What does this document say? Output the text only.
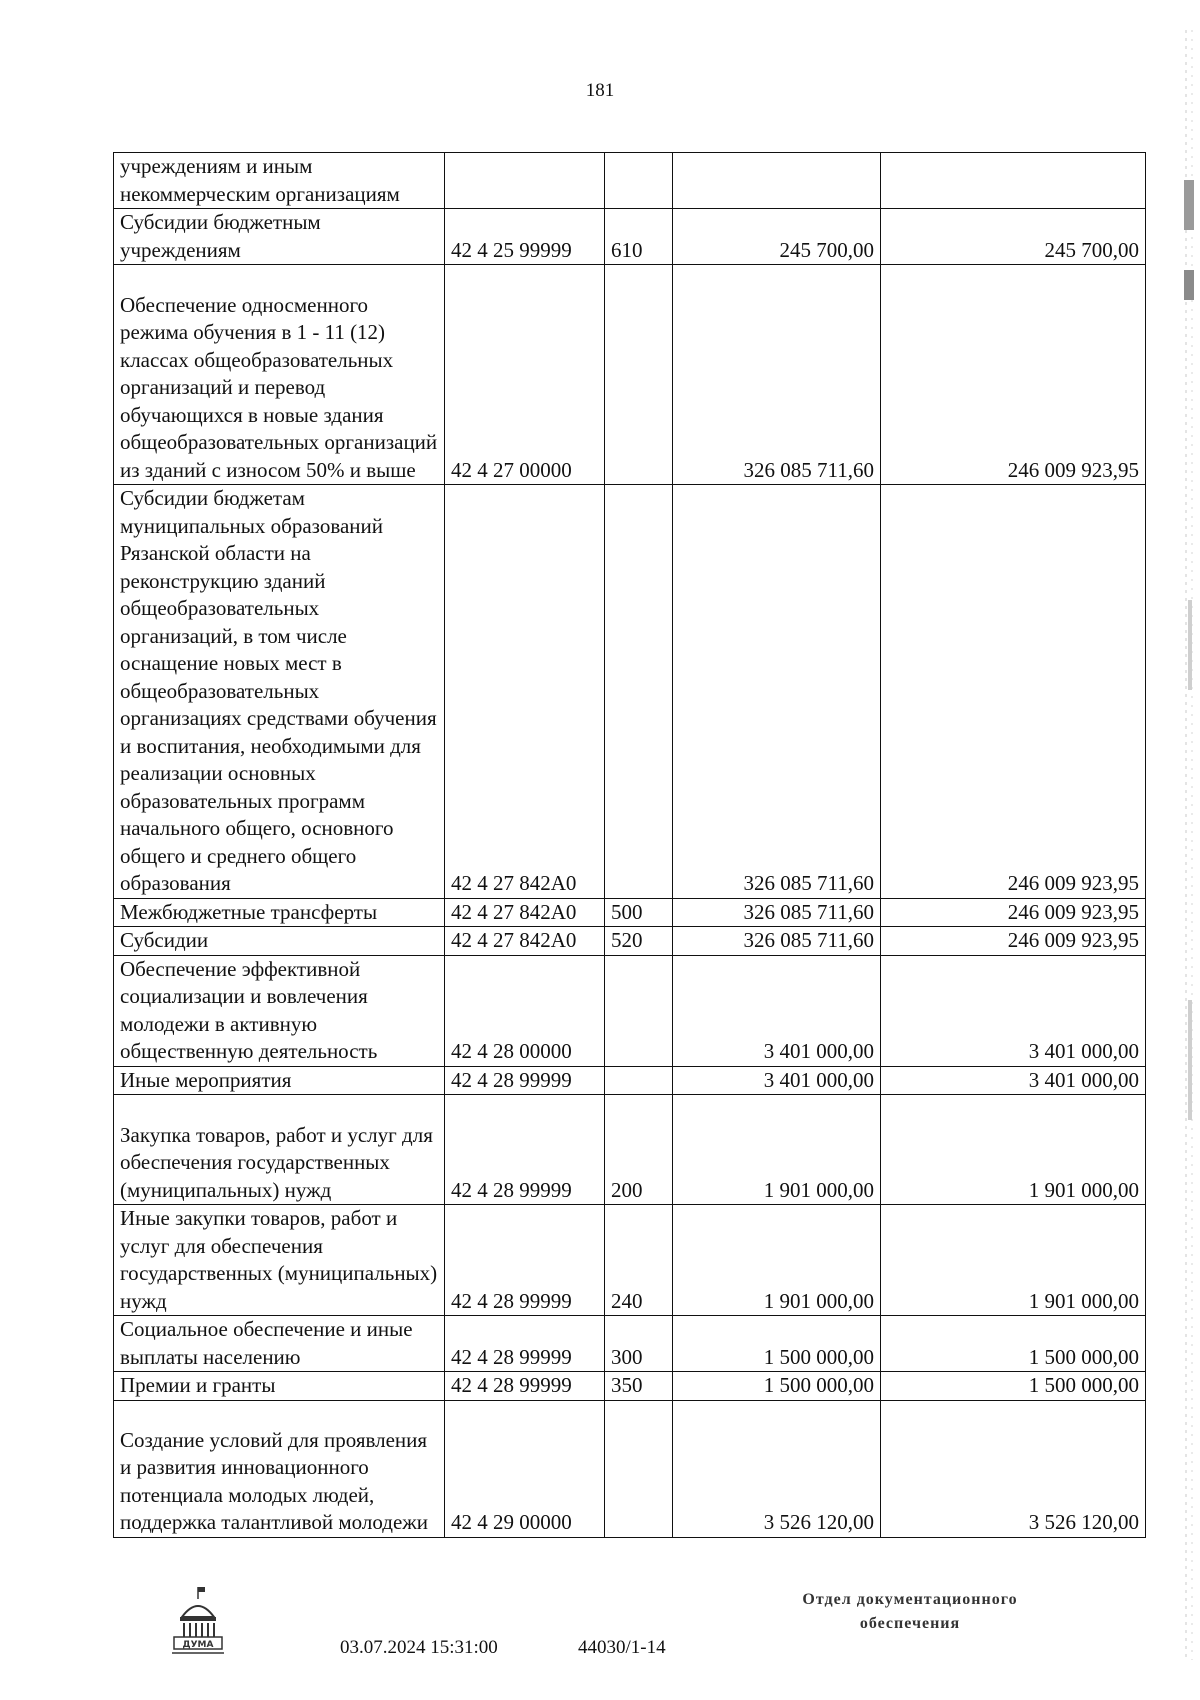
181
учреждениям и иным некоммерческим организациям				
Субсидии бюджетным учреждениям	42 4 25 99999	610	245 700,00	245 700,00
Обеспечение односменного режима обучения в 1 - 11 (12) классах общеобразовательных организаций и перевод обучающихся в новые здания общеобразовательных организаций из зданий с износом 50% и выше	42 4 27 00000		326 085 711,60	246 009 923,95
Субсидии бюджетам муниципальных образований Рязанской области на реконструкцию зданий общеобразовательных организаций, в том числе оснащение новых мест в общеобразовательных организациях средствами обучения и воспитания, необходимыми для реализации основных образовательных программ начального общего, основного общего и среднего общего образования	42 4 27 842А0		326 085 711,60	246 009 923,95
Межбюджетные трансферты	42 4 27 842А0	500	326 085 711,60	246 009 923,95
Субсидии	42 4 27 842А0	520	326 085 711,60	246 009 923,95
Обеспечение эффективной социализации и вовлечения молодежи в активную общественную деятельность	42 4 28 00000		3 401 000,00	3 401 000,00
Иные мероприятия	42 4 28 99999		3 401 000,00	3 401 000,00
Закупка товаров, работ и услуг для обеспечения государственных (муниципальных) нужд	42 4 28 99999	200	1 901 000,00	1 901 000,00
Иные закупки товаров, работ и услуг для обеспечения государственных (муниципальных) нужд	42 4 28 99999	240	1 901 000,00	1 901 000,00
Социальное обеспечение и иные выплаты населению	42 4 28 99999	300	1 500 000,00	1 500 000,00
Премии и гранты	42 4 28 99999	350	1 500 000,00	1 500 000,00
Создание условий для проявления и развития инновационного потенциала молодых людей, поддержка талантливой молодежи	42 4 29 00000		3 526 120,00	3 526 120,00
ДУМА	03.07.2024 15:31:00	44030/1-14
Отдел документационного
обеспечения
